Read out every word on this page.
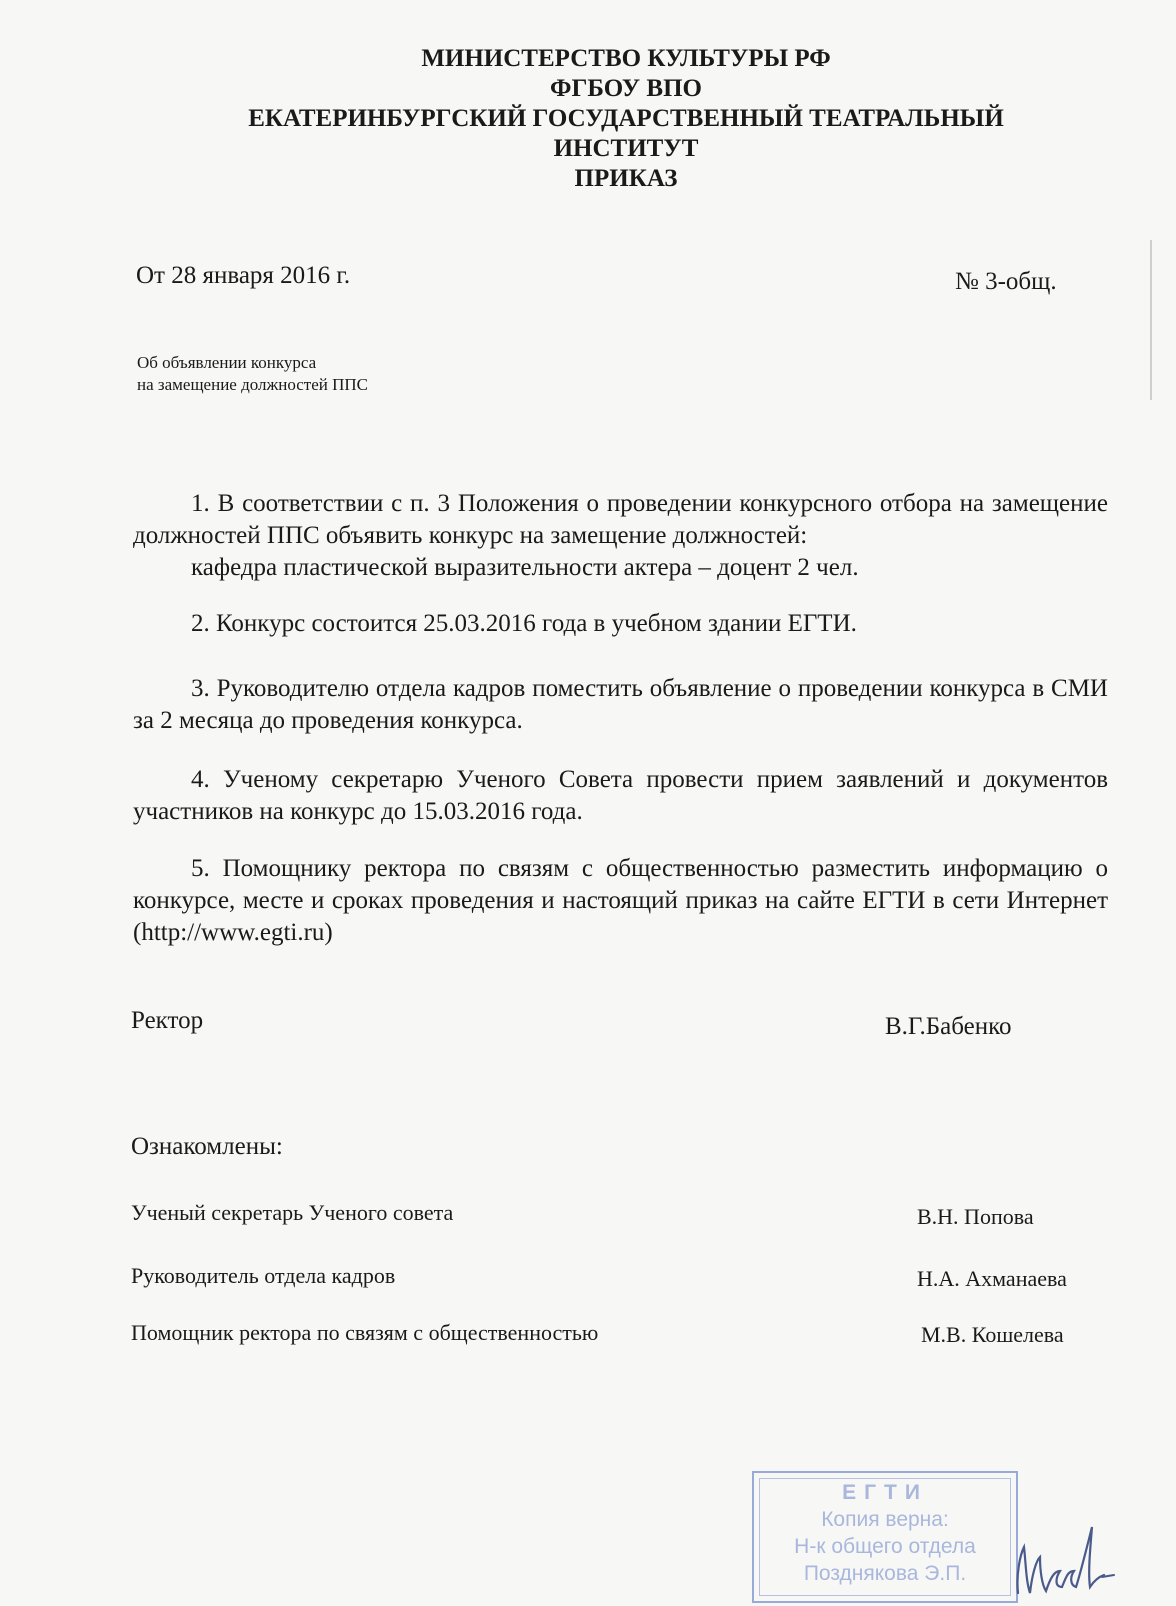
МИНИСТЕРСТВО КУЛЬТУРЫ РФ
ФГБОУ ВПО
ЕКАТЕРИНБУРГСКИЙ ГОСУДАРСТВЕННЫЙ ТЕАТРАЛЬНЫЙ
ИНСТИТУТ
ПРИКАЗ
От 28 января 2016 г.	№ 3-общ.
Об объявлении конкурса
на замещение должностей ППС
1. В соответствии с п. 3 Положения о проведении конкурсного отбора на замещение должностей ППС объявить конкурс на замещение должностей:
кафедра пластической выразительности актера – доцент 2 чел.
2. Конкурс состоится 25.03.2016 года в учебном здании ЕГТИ.
3. Руководителю отдела кадров поместить объявление о проведении конкурса в СМИ за 2 месяца до проведения конкурса.
4. Ученому секретарю Ученого Совета провести прием заявлений и документов участников на конкурс до 15.03.2016 года.
5. Помощнику ректора по связям с общественностью разместить информацию о конкурсе, месте и сроках проведения и настоящий приказ на сайте ЕГТИ в сети Интернет (http://www.egti.ru)
Ректор	В.Г.Бабенко
Ознакомлены:
Ученый секретарь Ученого совета	В.Н. Попова
Руководитель отдела кадров	Н.А. Ахманаева
Помощник ректора по связям с общественностью	М.В. Кошелева
ЕГТИ
Копия верна:
Н-к общего отдела
Позднякова Э.П.
